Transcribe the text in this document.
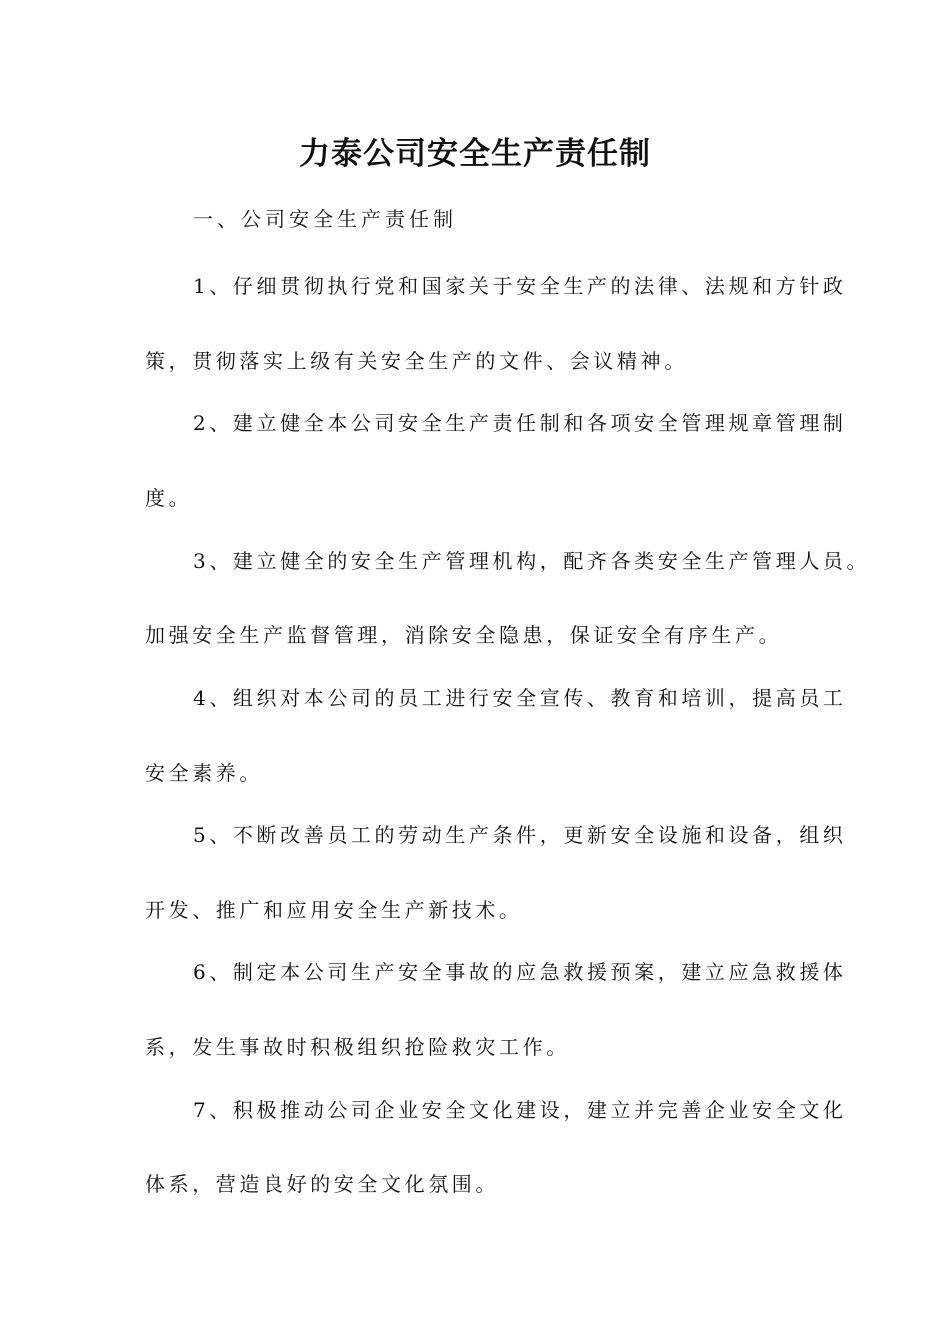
力泰公司安全生产责任制
一、公司安全生产责任制
1、仔细贯彻执行党和国家关于安全生产的法律、法规和方针政
策，贯彻落实上级有关安全生产的文件、会议精神。
2、建立健全本公司安全生产责任制和各项安全管理规章管理制
度。
3、建立健全的安全生产管理机构，配齐各类安全生产管理人员。
加强安全生产监督管理，消除安全隐患，保证安全有序生产。
4、组织对本公司的员工进行安全宣传、教育和培训，提高员工
安全素养。
5、不断改善员工的劳动生产条件，更新安全设施和设备，组织
开发、推广和应用安全生产新技术。
6、制定本公司生产安全事故的应急救援预案，建立应急救援体
系，发生事故时积极组织抢险救灾工作。
7、积极推动公司企业安全文化建设，建立并完善企业安全文化
体系，营造良好的安全文化氛围。
